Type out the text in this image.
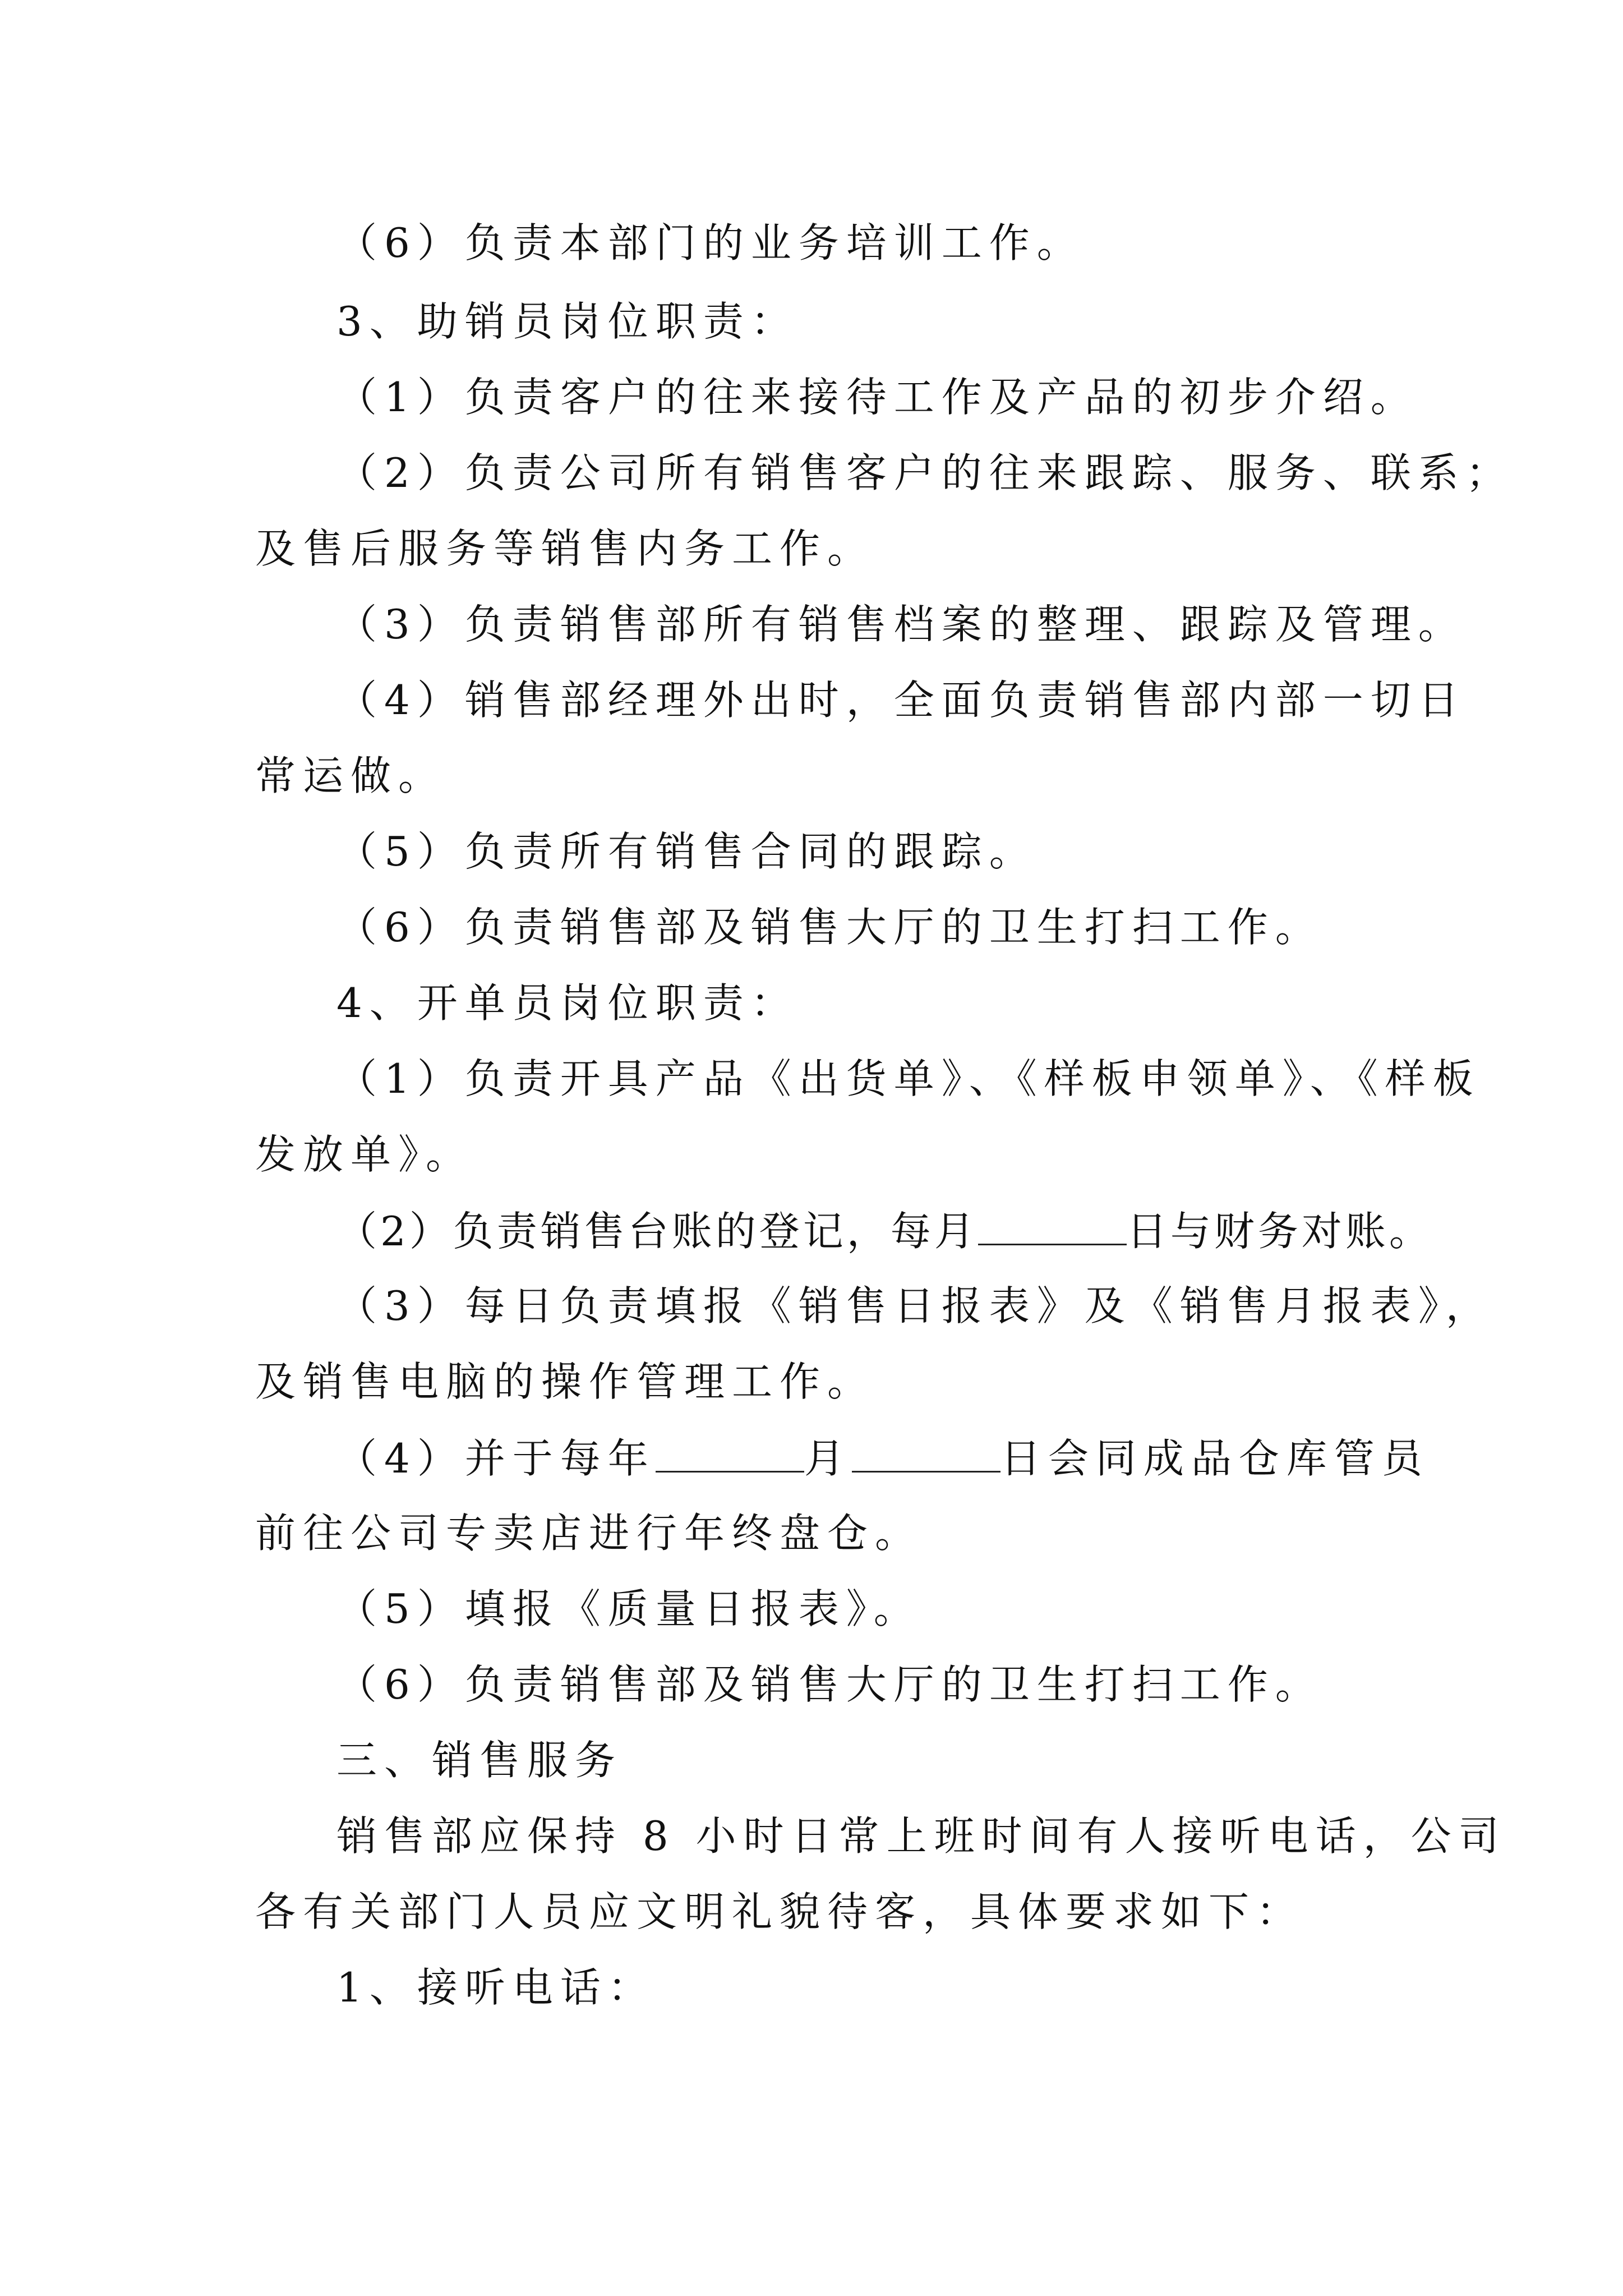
（6）负责本部门的业务培训工作。
3、助销员岗位职责：
（1）负责客户的往来接待工作及产品的初步介绍。
（2）负责公司所有销售客户的往来跟踪、服务、联系；
及售后服务等销售内务工作。
（3）负责销售部所有销售档案的整理、跟踪及管理。
（4）销售部经理外出时，全面负责销售部内部一切日
常运做。
（5）负责所有销售合同的跟踪。
（6）负责销售部及销售大厅的卫生打扫工作。
4、开单员岗位职责：
（1）负责开具产品《出货单》、《样板申领单》、《样板
发放单》。
（2）负责销售台账的登记，每月	日与财务对账。
（3）每日负责填报《销售日报表》及《销售月报表》，
及销售电脑的操作管理工作。
（4）并于每年	月	日会同成品仓库管员
前往公司专卖店进行年终盘仓。
（5）填报《质量日报表》。
（6）负责销售部及销售大厅的卫生打扫工作。
三、销售服务
销售部应保持 8 小时日常上班时间有人接听电话，公司
各有关部门人员应文明礼貌待客，具体要求如下：
1、接听电话：
